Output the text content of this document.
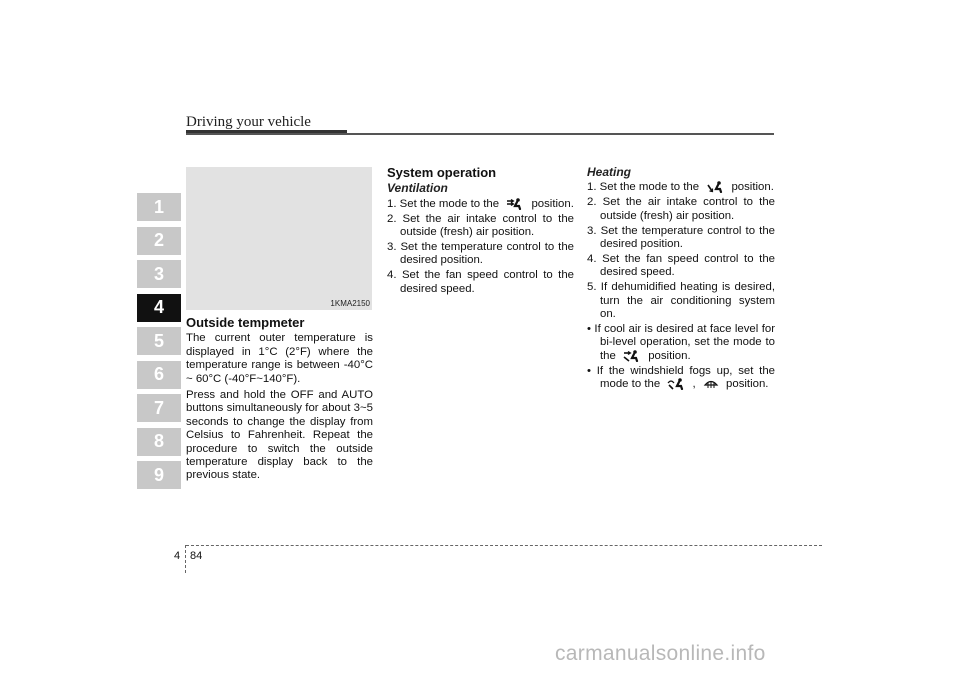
Driving your vehicle
1
2
3
4
5
6
7
8
9
1KMA2150
Outside tempmeter

The current outer temperature is displayed in 1°C (2°F) where the temperature range is between -40°C ~ 60°C (-40°F~140°F).

Press and hold the OFF and AUTO buttons simultaneously for about 3~5 seconds to change the display from Celsius to Fahrenheit. Repeat the procedure to switch the outside temperature display back to the previous state.

System operation
Ventilation

1. Set the mode to the	position.

2. Set the air intake control to the outside (fresh) air position.

3. Set the temperature control to the desired position.

4. Set the fan speed control to the desired speed.

Heating

1. Set the mode to the	position.

2. Set the air intake control to the outside (fresh) air position.

3. Set the temperature control to the desired position.

4. Set the fan speed control to the desired speed.

5. If dehumidified heating is desired, turn the air conditioning system on.

• If cool air is desired at face level for bi-level operation, set the mode to the	position.

• If the windshield fogs up, set the mode to the	,	position.

4 84
carmanualsonline.info
